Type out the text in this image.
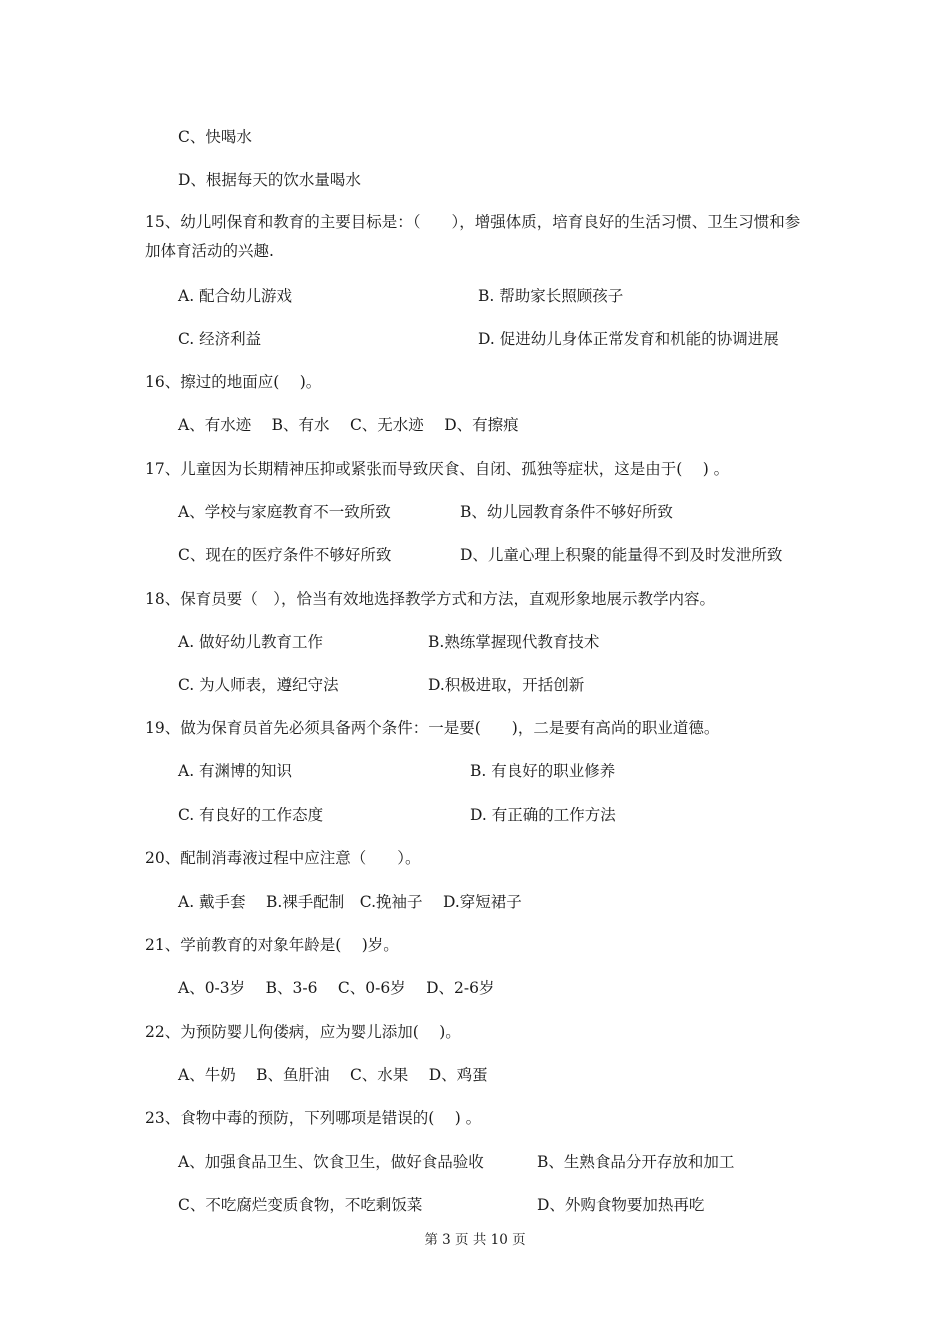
C、快喝水
D、根据每天的饮水量喝水
15、幼儿吲保育和教育的主要目标是：（　　），增强体质，培育良好的生活习惯、卫生习惯和参加体育活动的兴趣.
A. 配合幼儿游戏	B. 帮助家长照顾孩子
C. 经济利益	D. 促进幼儿身体正常发育和机能的协调进展
16、擦过的地面应(　 )。
A、有水迹　 B、有水　 C、无水迹　 D、有擦痕
17、儿童因为长期精神压抑或紧张而导致厌食、自闭、孤独等症状，这是由于(　 ) 。
A、学校与家庭教育不一致所致	B、幼儿园教育条件不够好所致
C、现在的医疗条件不够好所致	D、儿童心理上积聚的能量得不到及时发泄所致
18、保育员要（　），恰当有效地选择教学方式和方法，直观形象地展示教学内容。
A. 做好幼儿教育工作	B.熟练掌握现代教育技术
C. 为人师表，遵纪守法	D.积极进取，开括创新
19、做为保育员首先必须具备两个条件：一是要(　　)，二是要有高尚的职业道德。
A. 有渊博的知识	B. 有良好的职业修养
C. 有良好的工作态度	D. 有正确的工作方法
20、配制消毒液过程中应注意（　　）。
A. 戴手套　 B.裸手配制　C.挽袖子　 D.穿短裙子
21、学前教育的对象年龄是(　 )岁。
A、0-3岁　 B、3-6　 C、0-6岁　 D、2-6岁
22、为预防婴儿佝偻病，应为婴儿添加(　 )。
A、牛奶　 B、鱼肝油　 C、水果　 D、鸡蛋
23、食物中毒的预防，下列哪项是错误的(　 ) 。
A、加强食品卫生、饮食卫生，做好食品验收	B、生熟食品分开存放和加工
C、不吃腐烂变质食物，不吃剩饭菜	D、外购食物要加热再吃
第 3 页 共 10 页
